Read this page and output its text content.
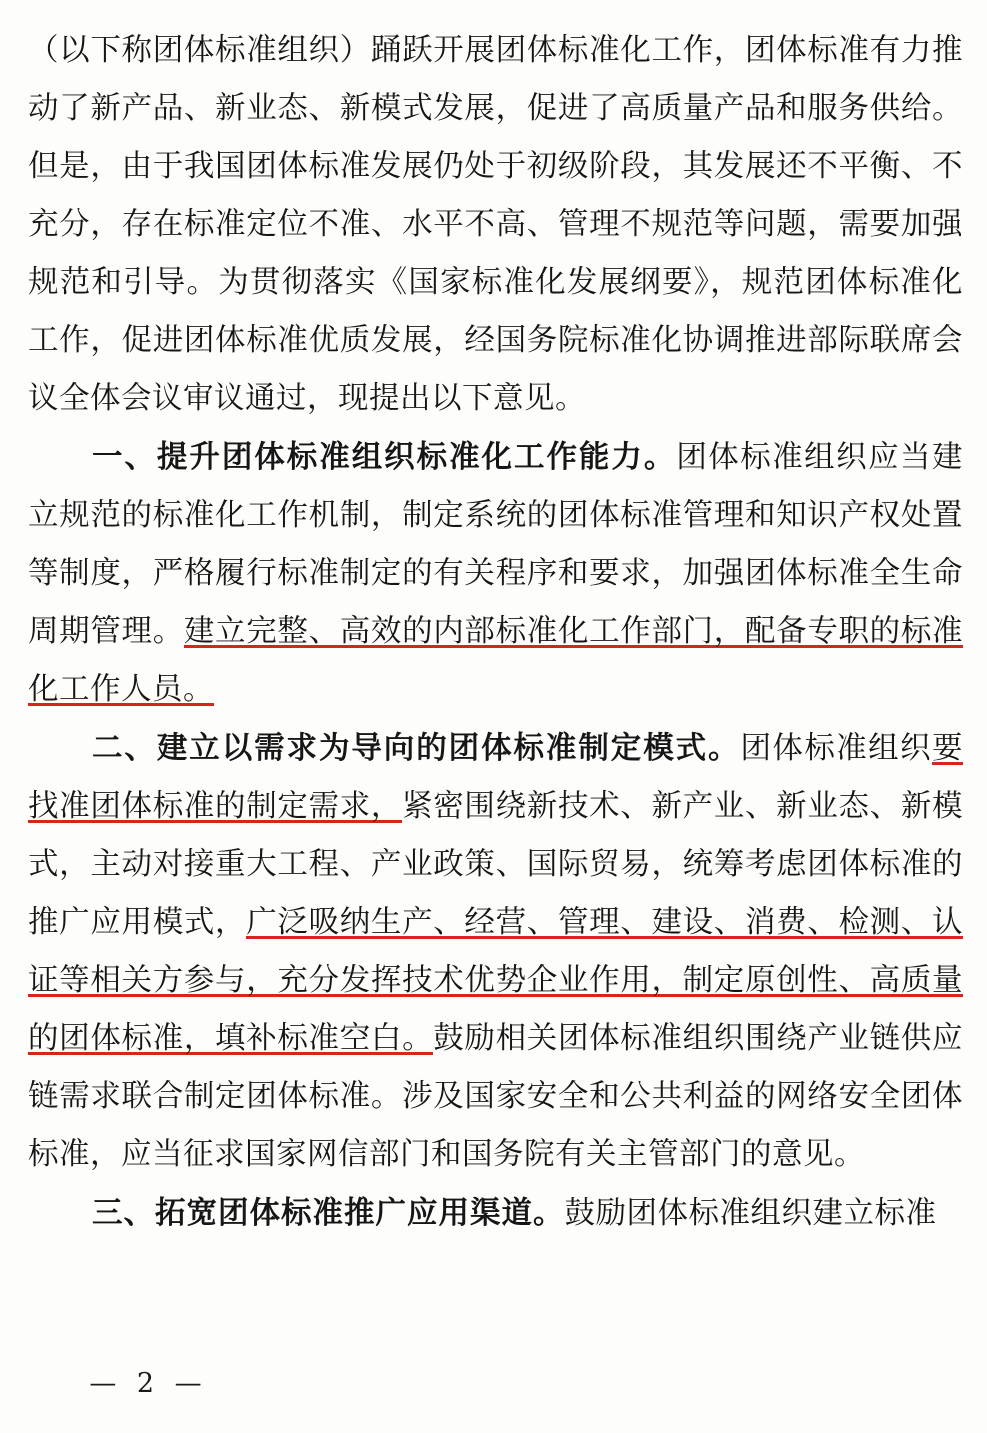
（以下称团体标准组织）踊跃开展团体标准化工作，团体标准有力推动了新产品、新业态、新模式发展，促进了高质量产品和服务供给。但是，由于我国团体标准发展仍处于初级阶段，其发展还不平衡、不充分，存在标准定位不准、水平不高、管理不规范等问题，需要加强规范和引导。为贯彻落实《国家标准化发展纲要》，规范团体标准化工作，促进团体标准优质发展，经国务院标准化协调推进部际联席会议全体会议审议通过，现提出以下意见。

一、提升团体标准组织标准化工作能力。团体标准组织应当建立规范的标准化工作机制，制定系统的团体标准管理和知识产权处置等制度，严格履行标准制定的有关程序和要求，加强团体标准全生命周期管理。建立完整、高效的内部标准化工作部门，配备专职的标准化工作人员。

二、建立以需求为导向的团体标准制定模式。团体标准组织要找准团体标准的制定需求，紧密围绕新技术、新产业、新业态、新模式，主动对接重大工程、产业政策、国际贸易，统筹考虑团体标准的推广应用模式，广泛吸纳生产、经营、管理、建设、消费、检测、认证等相关方参与，充分发挥技术优势企业作用，制定原创性、高质量的团体标准，填补标准空白。鼓励相关团体标准组织围绕产业链供应链需求联合制定团体标准。涉及国家安全和公共利益的网络安全团体标准，应当征求国家网信部门和国务院有关主管部门的意见。

三、拓宽团体标准推广应用渠道。鼓励团体标准组织建立标准

— 2 —
